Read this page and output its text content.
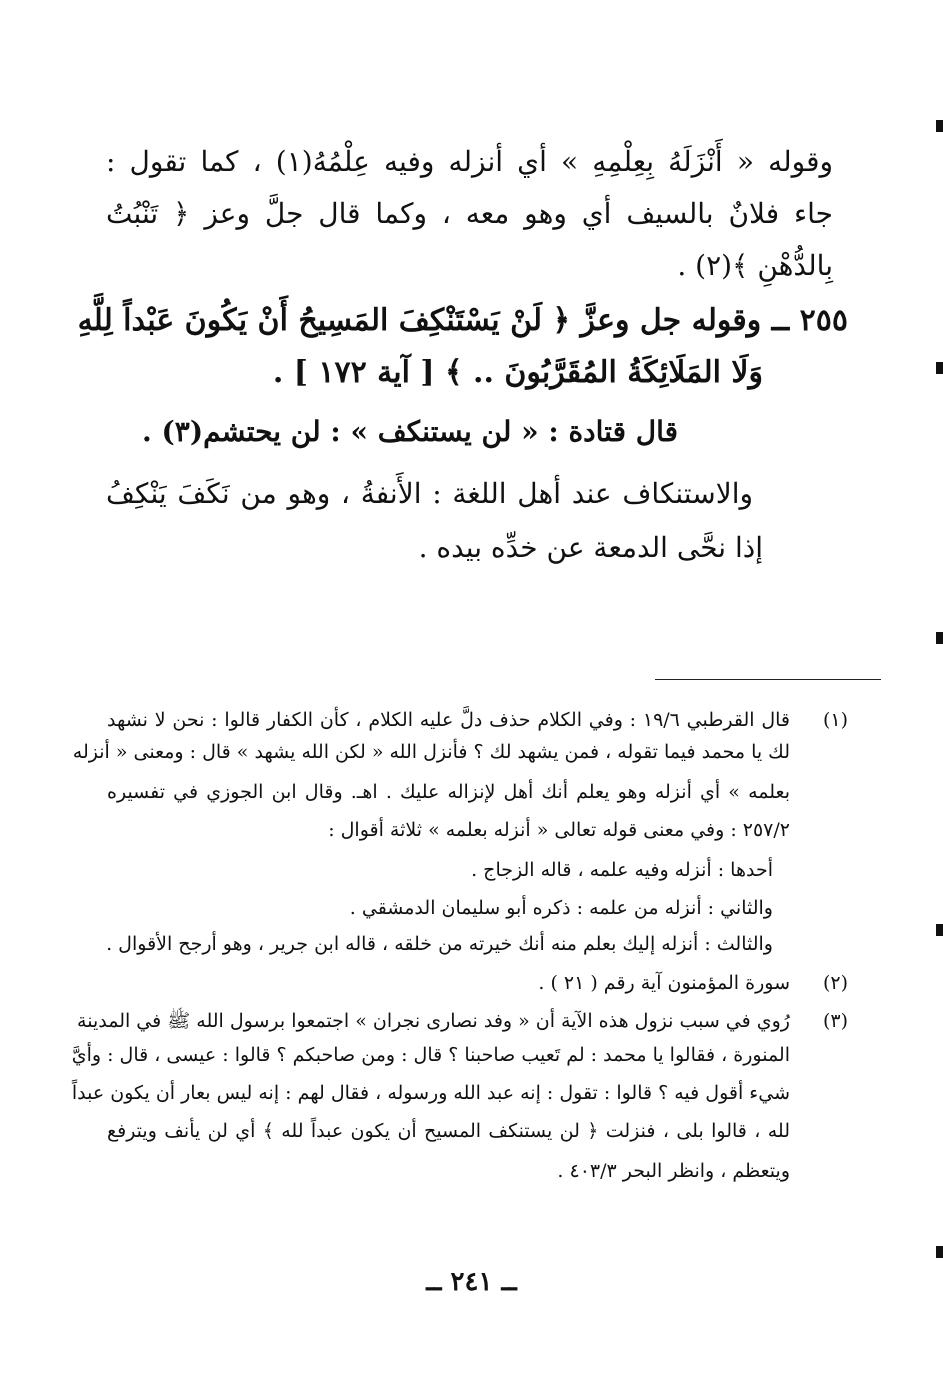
وقوله « أَنْزَلَهُ بِعِلْمِهِ » أي أنزله وفيه عِلْمُهُ(١) ، كما تقول :
جاء فلانٌ بالسيف أي وهو معه ، وكما قال جلَّ وعز ﴿ تَنْبُتُ
بِالدُّهْنِ ﴾(٢) .
٢٥٥ ــ وقوله جل وعزَّ ﴿ لَنْ يَسْتَنْكِفَ المَسِيحُ أَنْ يَكُونَ عَبْداً لِلَّهِ
وَلَا المَلَائِكَةُ المُقَرَّبُونَ .. ﴾ [ آية ١٧٢ ] .
قال قتادة : « لن يستنكف » : لن يحتشم(٣) .
والاستنكاف عند أهل اللغة : الأَنفةُ ، وهو من نَكَفَ يَنْكِفُ
إذا نحَّى الدمعة عن خدِّه بيده .
(١)
قال القرطبي ١٩/٦ : وفي الكلام حذف دلَّ عليه الكلام ، كأن الكفار قالوا : نحن لا نشهد
لك يا محمد فيما تقوله ، فمن يشهد لك ؟ فأنزل الله « لكن الله يشهد » قال : ومعنى « أنزله
بعلمه » أي أنزله وهو يعلم أنك أهل لإنزاله عليك . اهـ. وقال ابن الجوزي في تفسيره
٢٥٧/٢ : وفي معنى قوله تعالى « أنزله بعلمه » ثلاثة أقوال :
أحدها : أنزله وفيه علمه ، قاله الزجاج .
والثاني : أنزله من علمه : ذكره أبو سليمان الدمشقي .
والثالث : أنزله إليك بعلم منه أنك خيرته من خلقه ، قاله ابن جرير ، وهو أرجح الأقوال .
(٢)
سورة المؤمنون آية رقم ( ٢١ ) .
(٣)
رُوي في سبب نزول هذه الآية أن « وفد نصارى نجران » اجتمعوا برسول الله ﷺ في المدينة
المنورة ، فقالوا يا محمد : لم تَعيب صاحبنا ؟ قال : ومن صاحبكم ؟ قالوا : عيسى ، قال : وأيَّ
شيء أقول فيه ؟ قالوا : تقول : إنه عبد الله ورسوله ، فقال لهم : إنه ليس بعار أن يكون عبداً
لله ، قالوا بلى ، فنزلت ﴿ لن يستنكف المسيح أن يكون عبداً لله ﴾ أي لن يأنف ويترفع
ويتعظم ، وانظر البحر ٤٠٣/٣ .
ــ ٢٤١ ــ
